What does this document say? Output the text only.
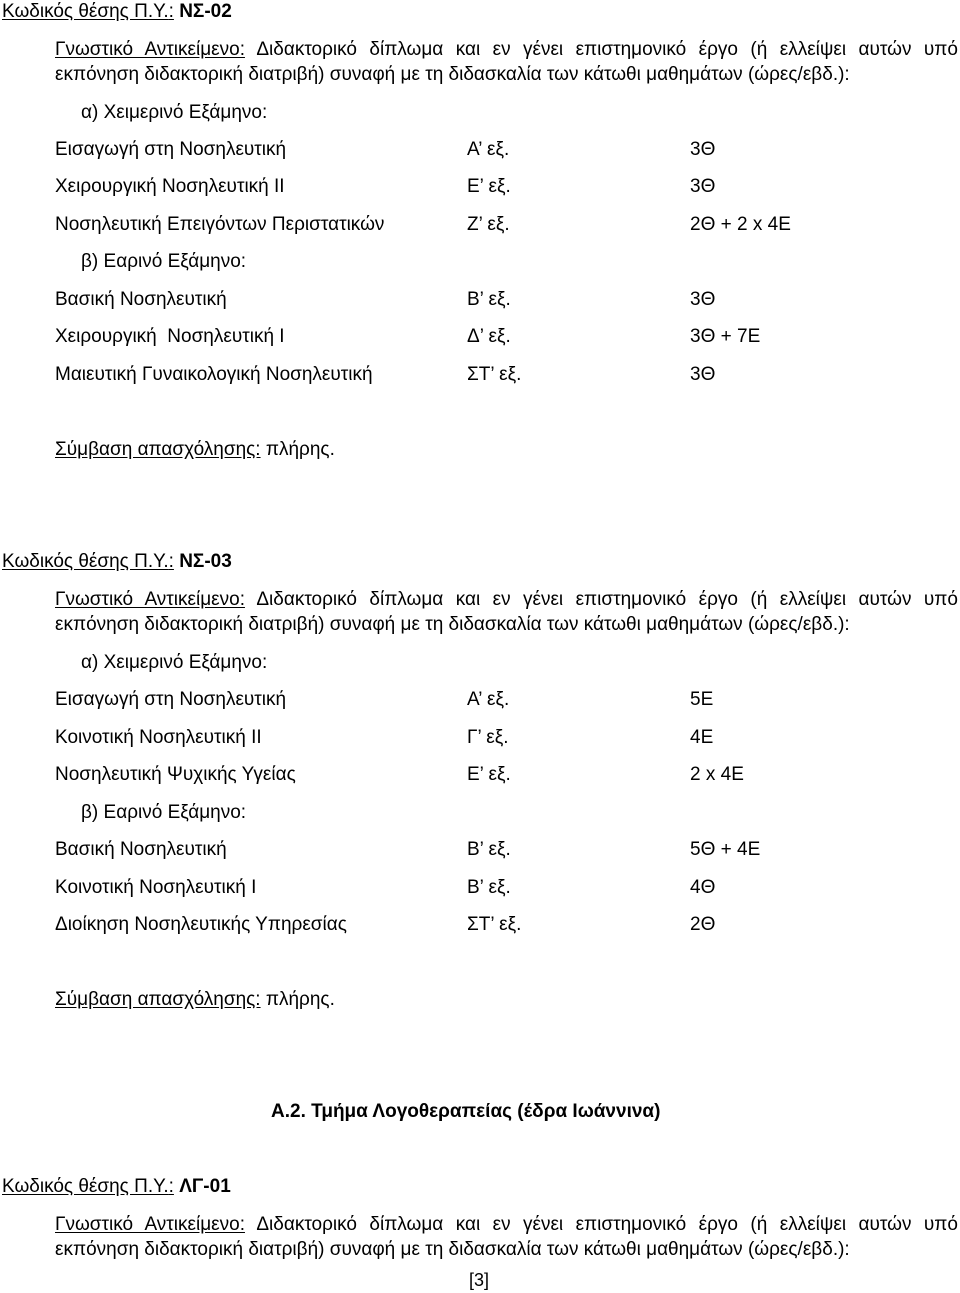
Κωδικός θέσης Π.Υ.: ΝΣ-02
Γνωστικό Αντικείμενο: Διδακτορικό δίπλωμα και εν γένει επιστημονικό έργο (ή ελλείψει αυτών υπό
εκπόνηση διδακτορική διατριβή) συναφή με τη διδασκαλία των κάτωθι μαθημάτων (ώρες/εβδ.):
α) Χειμερινό Εξάμηνο:
Εισαγωγή στη Νοσηλευτική	Α’ εξ.	3Θ
Χειρουργική Νοσηλευτική ΙΙ	Ε’ εξ.	3Θ
Νοσηλευτική Επειγόντων Περιστατικών	Ζ’ εξ.	2Θ + 2 x 4Ε
β) Εαρινό Εξάμηνο:
Βασική Νοσηλευτική	Β’ εξ.	3Θ
Χειρουργική  Νοσηλευτική Ι	Δ’ εξ.	3Θ + 7Ε
Μαιευτική Γυναικολογική Νοσηλευτική	ΣΤ’ εξ.	3Θ
Σύμβαση απασχόλησης: πλήρης.
Κωδικός θέσης Π.Υ.: ΝΣ-03
Γνωστικό Αντικείμενο: Διδακτορικό δίπλωμα και εν γένει επιστημονικό έργο (ή ελλείψει αυτών υπό
εκπόνηση διδακτορική διατριβή) συναφή με τη διδασκαλία των κάτωθι μαθημάτων (ώρες/εβδ.):
α) Χειμερινό Εξάμηνο:
Εισαγωγή στη Νοσηλευτική	Α’ εξ.	5Ε
Κοινοτική Νοσηλευτική ΙΙ	Γ’ εξ.	4Ε
Νοσηλευτική Ψυχικής Υγείας	Ε’ εξ.	2 x 4Ε
β) Εαρινό Εξάμηνο:
Βασική Νοσηλευτική	Β’ εξ.	5Θ + 4Ε
Κοινοτική Νοσηλευτική Ι	Β’ εξ.	4Θ
Διοίκηση Νοσηλευτικής Υπηρεσίας	ΣΤ’ εξ.	2Θ
Σύμβαση απασχόλησης: πλήρης.
Α.2. Τμήμα Λογοθεραπείας (έδρα Ιωάννινα)
Κωδικός θέσης Π.Υ.: ΛΓ-01
Γνωστικό Αντικείμενο: Διδακτορικό δίπλωμα και εν γένει επιστημονικό έργο (ή ελλείψει αυτών υπό
εκπόνηση διδακτορική διατριβή) συναφή με τη διδασκαλία των κάτωθι μαθημάτων (ώρες/εβδ.):
[3]
